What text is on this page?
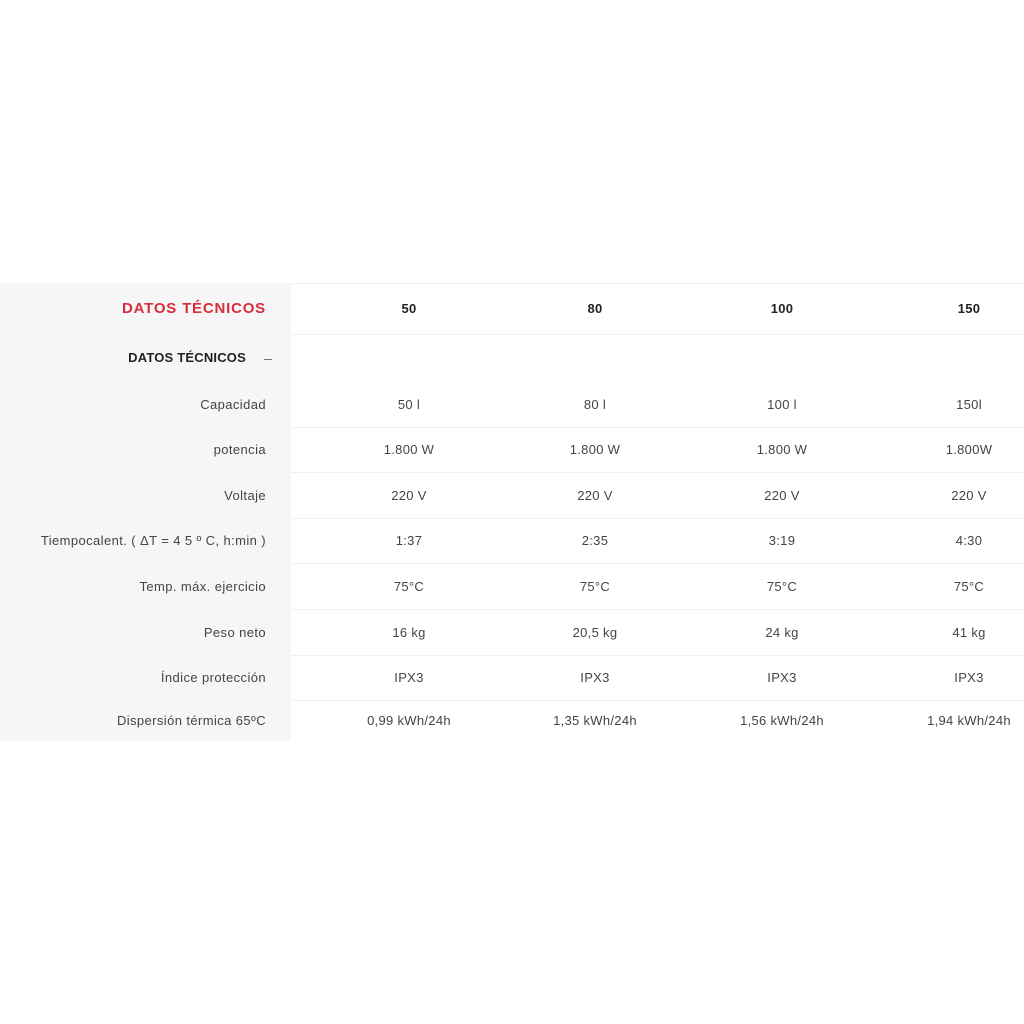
DATOS TÉCNICOS	50	80	100	150
DATOS TÉCNICOS –
Capacidad	50 l	80 l	100 l	150l
potencia	1.800 W	1.800 W	1.800 W	1.800W
Voltaje	220 V	220 V	220 V	220 V
Tiempocalent. ( ΔT = 4 5 º C, h:min )	1:37	2:35	3:19	4:30
Temp. máx. ejercicio	75°C	75°C	75°C	75°C
Peso neto	16 kg	20,5 kg	24 kg	41 kg
Índice protección	IPX3	IPX3	IPX3	IPX3
Dispersión térmica 65ºC	0,99 kWh/24h	1,35 kWh/24h	1,56 kWh/24h	1,94 kWh/24h
